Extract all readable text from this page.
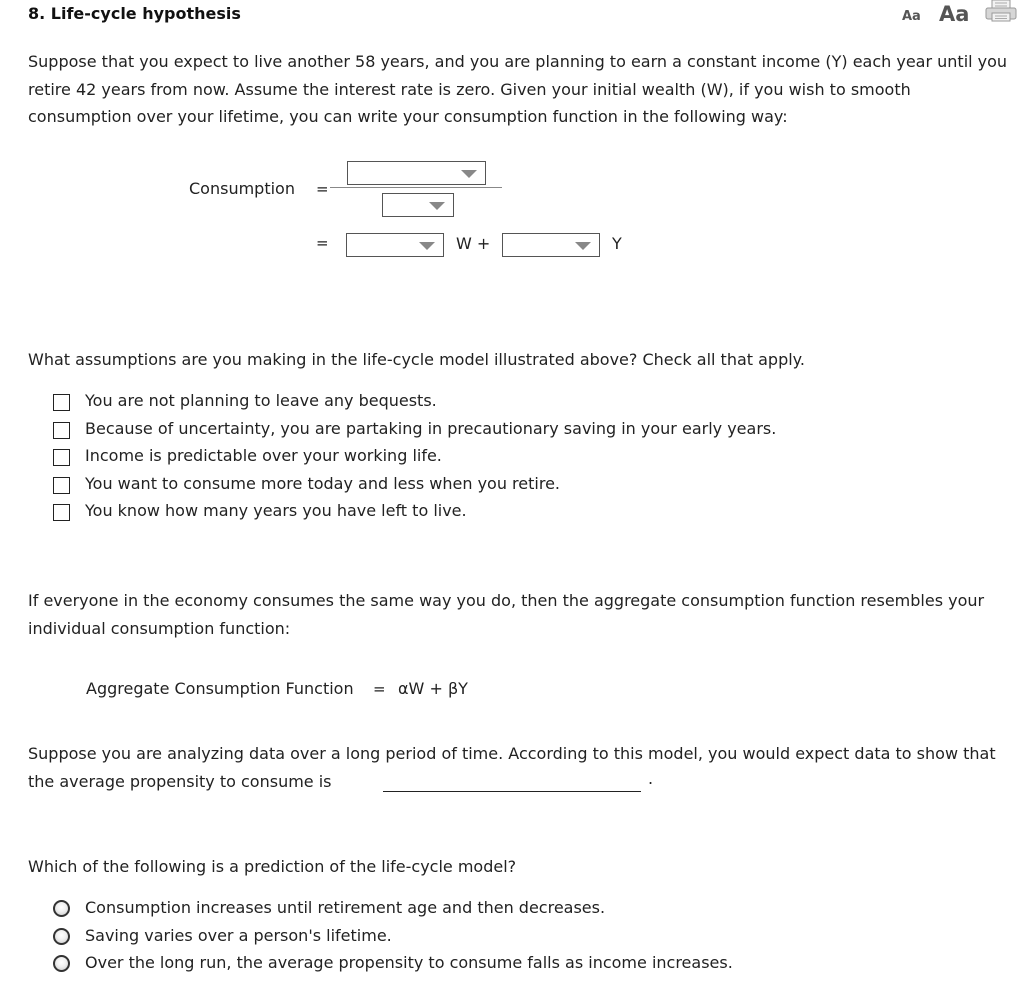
8. Life-cycle hypothesis	Aa Aa

Suppose that you expect to live another 58 years, and you are planning to earn a constant income (Y) each year until you retire 42 years from now. Assume the interest rate is zero. Given your initial wealth (W), if you wish to smooth consumption over your lifetime, you can write your consumption function in the following way:

Consumption =
=	W +	Y
What assumptions are you making in the life-cycle model illustrated above? Check all that apply.
You are not planning to leave any bequests.
Because of uncertainty, you are partaking in precautionary saving in your early years.
Income is predictable over your working life.
You want to consume more today and less when you retire.
You know how many years you have left to live.

If everyone in the economy consumes the same way you do, then the aggregate consumption function resembles your individual consumption function:

Aggregate Consumption Function = αW + βY

Suppose you are analyzing data over a long period of time. According to this model, you would expect data to show that the average propensity to consume is	.
Which of the following is a prediction of the life-cycle model?
Consumption increases until retirement age and then decreases.
Saving varies over a person's lifetime.
Over the long run, the average propensity to consume falls as income increases.
